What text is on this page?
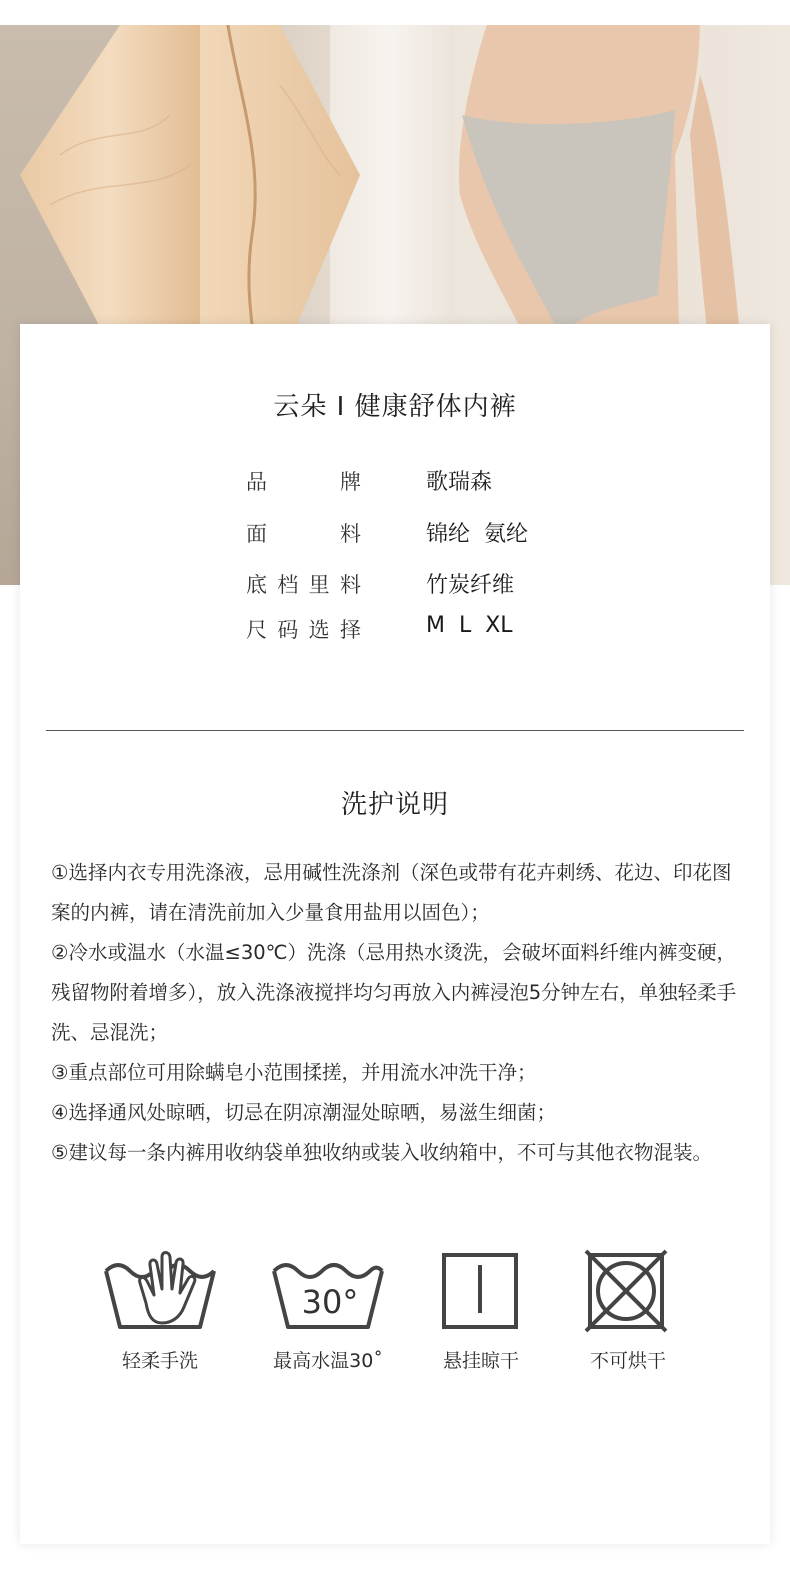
云朵 I 健康舒体内裤
品牌	歌瑞森
面料	锦纶  氨纶
底档里料	竹炭纤维
尺码选择	M  L  XL
洗护说明
①选择内衣专用洗涤液，忌用碱性洗涤剂（深色或带有花卉刺绣、花边、印花图案的内裤，请在清洗前加入少量食用盐用以固色）；
②冷水或温水（水温≤30℃）洗涤（忌用热水烫洗，会破坏面料纤维内裤变硬，残留物附着增多），放入洗涤液搅拌均匀再放入内裤浸泡5分钟左右，单独轻柔手洗、忌混洗；
③重点部位可用除螨皂小范围揉搓，并用流水冲洗干净；
④选择通风处晾晒，切忌在阴凉潮湿处晾晒，易滋生细菌；
⑤建议每一条内裤用收纳袋单独收纳或装入收纳箱中，不可与其他衣物混装。
轻柔手洗
30°
最高水温30˚	悬挂晾干	不可烘干
